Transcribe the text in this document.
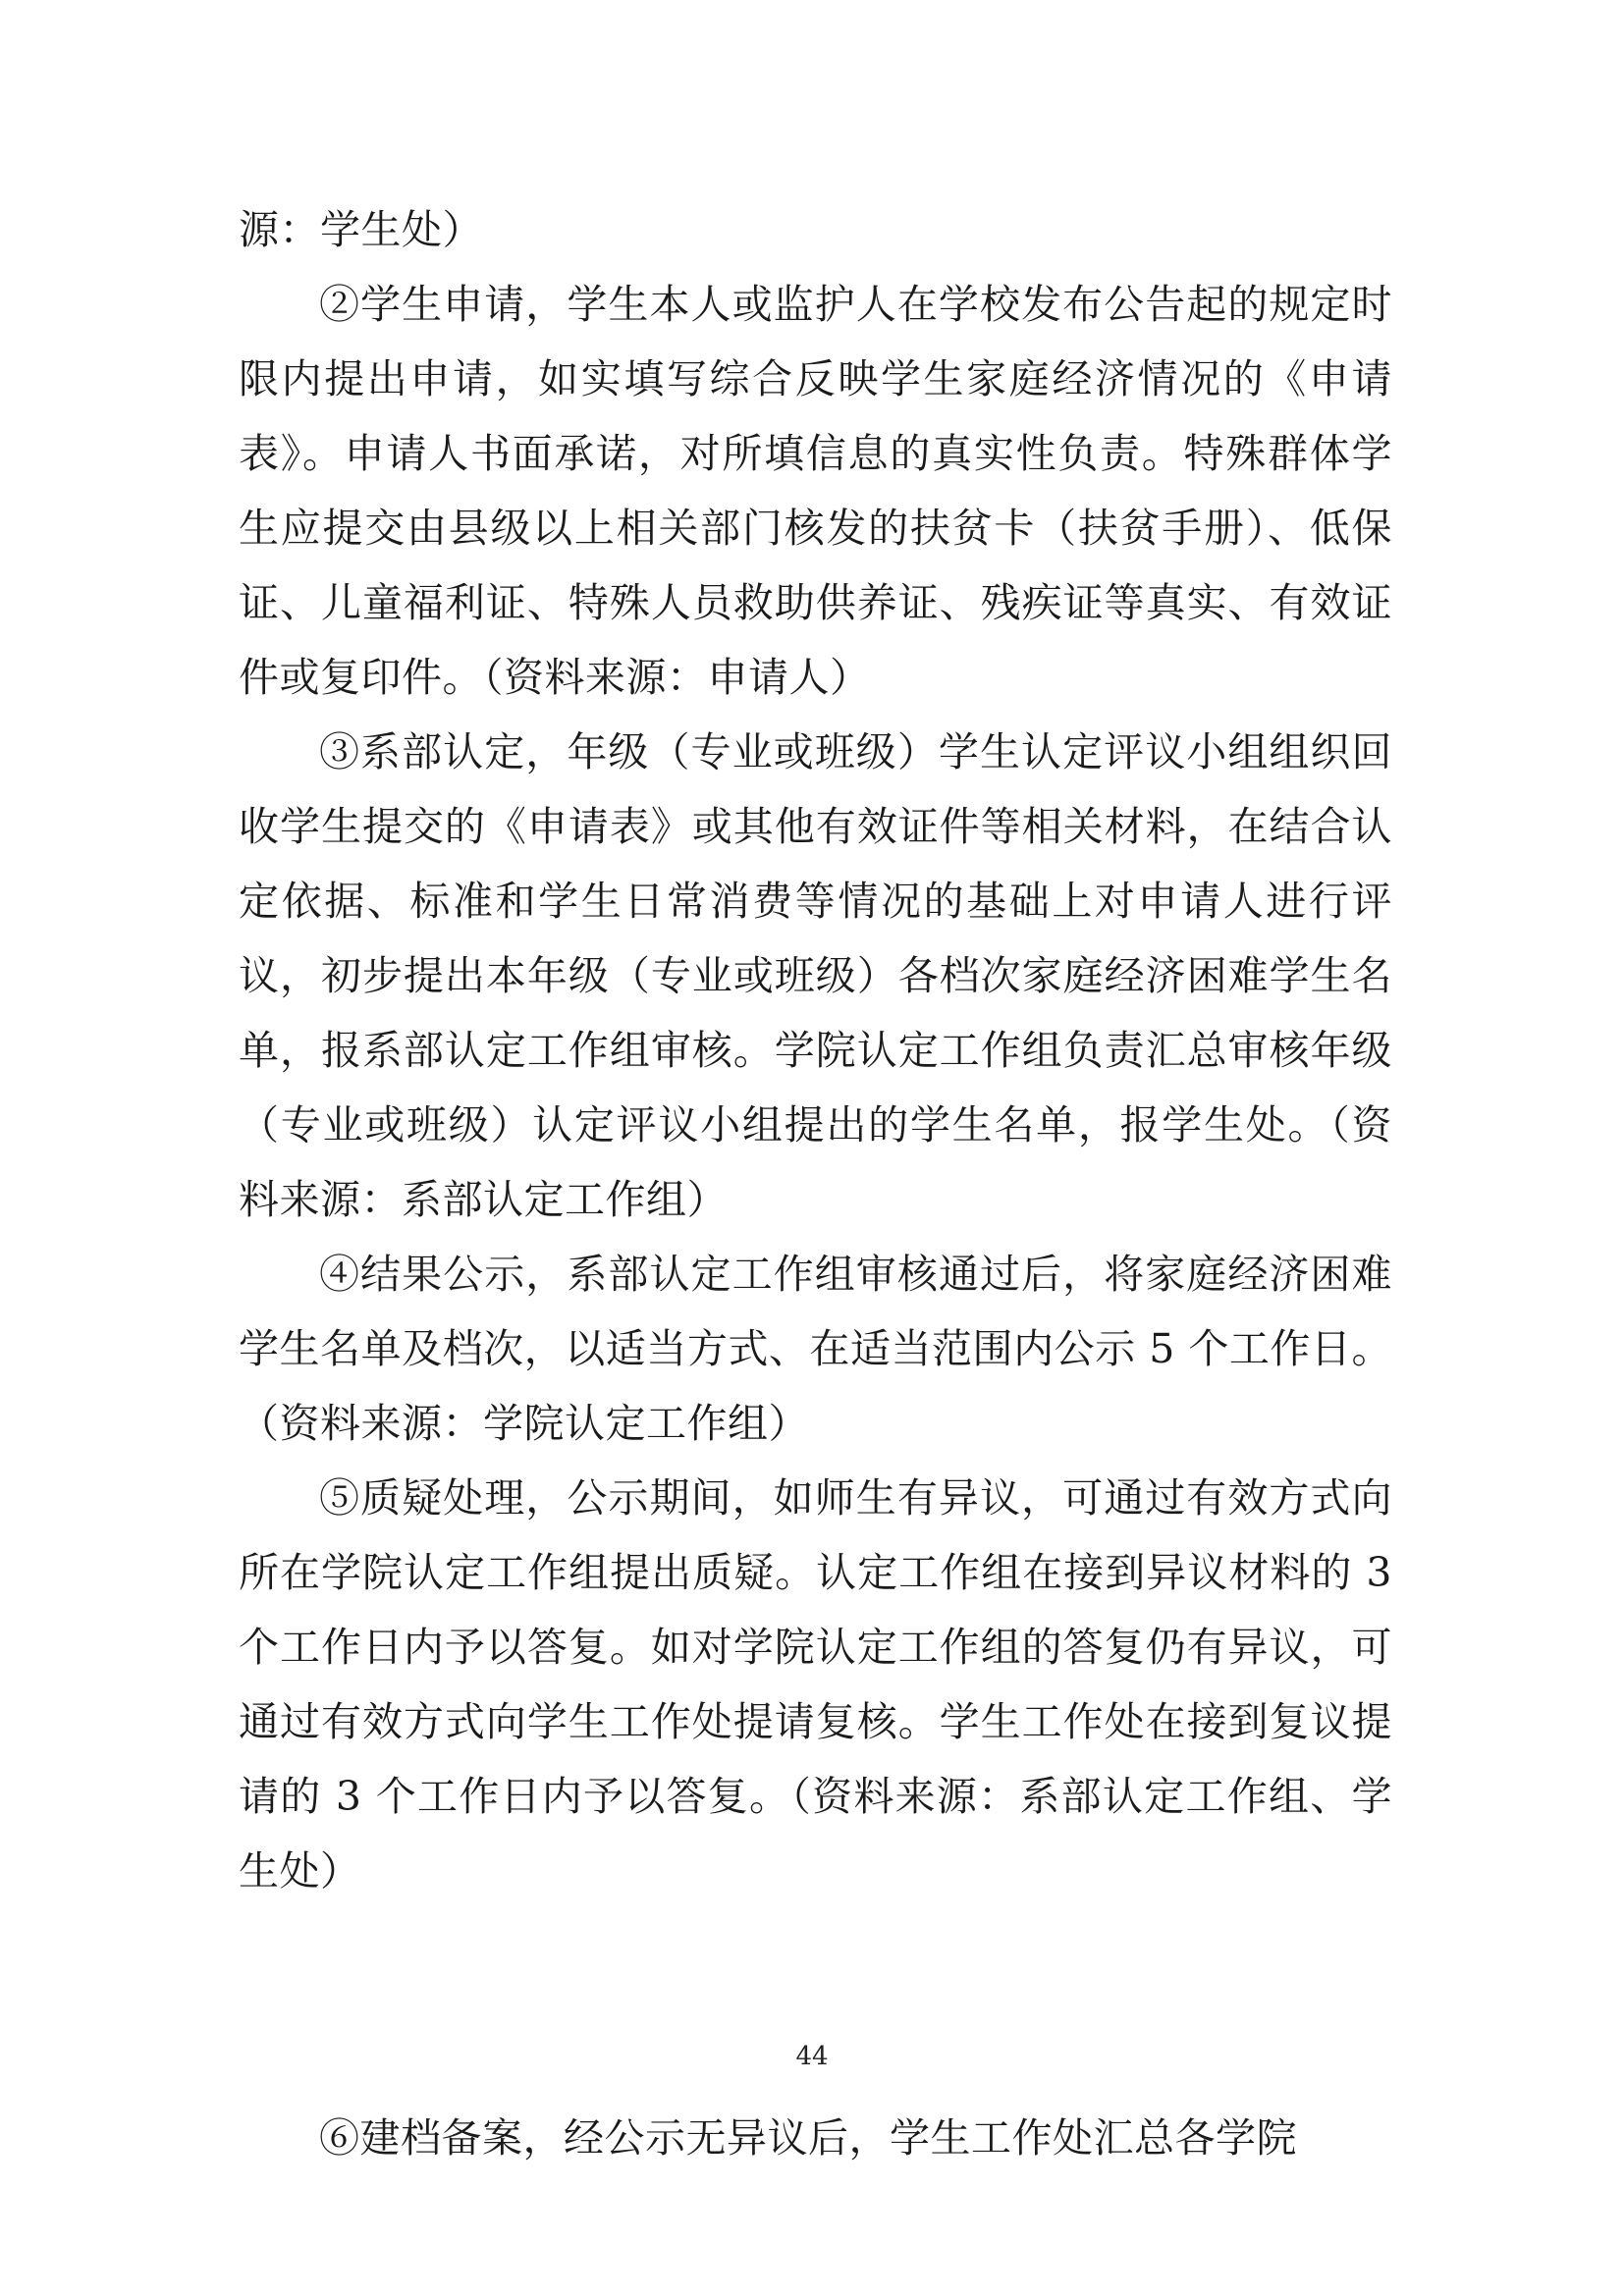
源：学生处）

②学生申请，学生本人或监护人在学校发布公告起的规定时限内提出申请，如实填写综合反映学生家庭经济情况的《申请表》。申请人书面承诺，对所填信息的真实性负责。特殊群体学生应提交由县级以上相关部门核发的扶贫卡（扶贫手册）、低保证、儿童福利证、特殊人员救助供养证、残疾证等真实、有效证件或复印件。（资料来源：申请人）

③系部认定，年级（专业或班级）学生认定评议小组组织回收学生提交的《申请表》或其他有效证件等相关材料，在结合认定依据、标准和学生日常消费等情况的基础上对申请人进行评议，初步提出本年级（专业或班级）各档次家庭经济困难学生名单，报系部认定工作组审核。学院认定工作组负责汇总审核年级（专业或班级）认定评议小组提出的学生名单，报学生处。（资料来源：系部认定工作组）

④结果公示，系部认定工作组审核通过后，将家庭经济困难学生名单及档次，以适当方式、在适当范围内公示 5 个工作日。（资料来源：学院认定工作组）

⑤质疑处理，公示期间，如师生有异议，可通过有效方式向所在学院认定工作组提出质疑。认定工作组在接到异议材料的 3 个工作日内予以答复。如对学院认定工作组的答复仍有异议，可通过有效方式向学生工作处提请复核。学生工作处在接到复议提请的 3 个工作日内予以答复。（资料来源：系部认定工作组、学生处）

⑥建档备案，经公示无异议后，学生工作处汇总各学院
44
